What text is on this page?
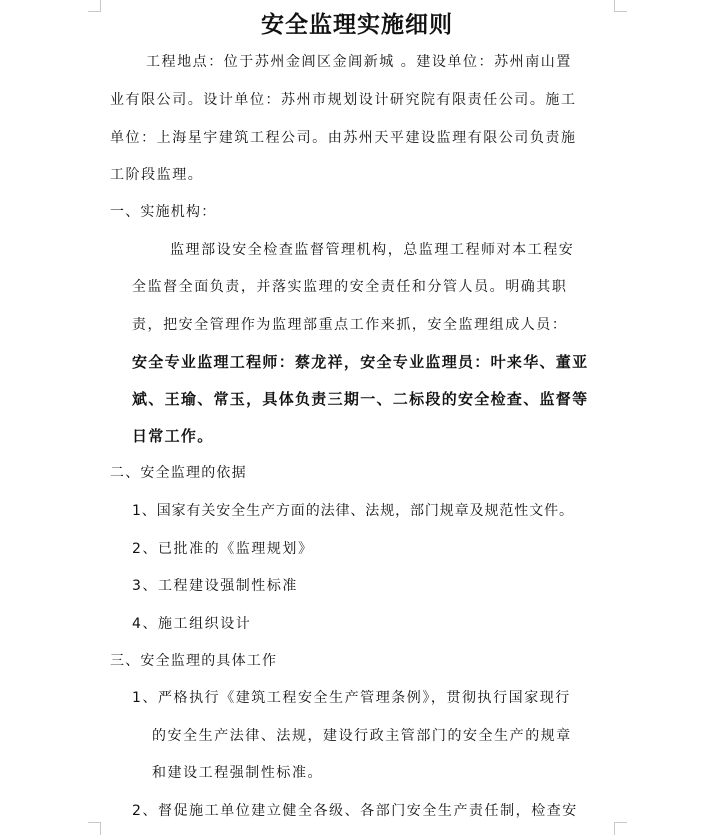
安全监理实施细则
工程地点：位于苏州金阊区金阊新城 。建设单位：苏州南山置
业有限公司。设计单位：苏州市规划设计研究院有限责任公司。施工
单位：上海星宇建筑工程公司。由苏州天平建设监理有限公司负责施
工阶段监理。
一、实施机构：
监理部设安全检查监督管理机构，总监理工程师对本工程安
全监督全面负责，并落实监理的安全责任和分管人员。明确其职
责，把安全管理作为监理部重点工作来抓，安全监理组成人员：
安全专业监理工程师：蔡龙祥，安全专业监理员：叶来华、董亚
斌、王瑜、常玉，具体负责三期一、二标段的安全检查、监督等
日常工作。
二、安全监理的依据
1、国家有关安全生产方面的法律、法规，部门规章及规范性文件。
2、已批准的《监理规划》
3、工程建设强制性标准
4、施工组织设计
三、安全监理的具体工作
1、严格执行《建筑工程安全生产管理条例》，贯彻执行国家现行
的安全生产法律、法规，建设行政主管部门的安全生产的规章
和建设工程强制性标准。
2、督促施工单位建立健全各级、各部门安全生产责任制，检查安
